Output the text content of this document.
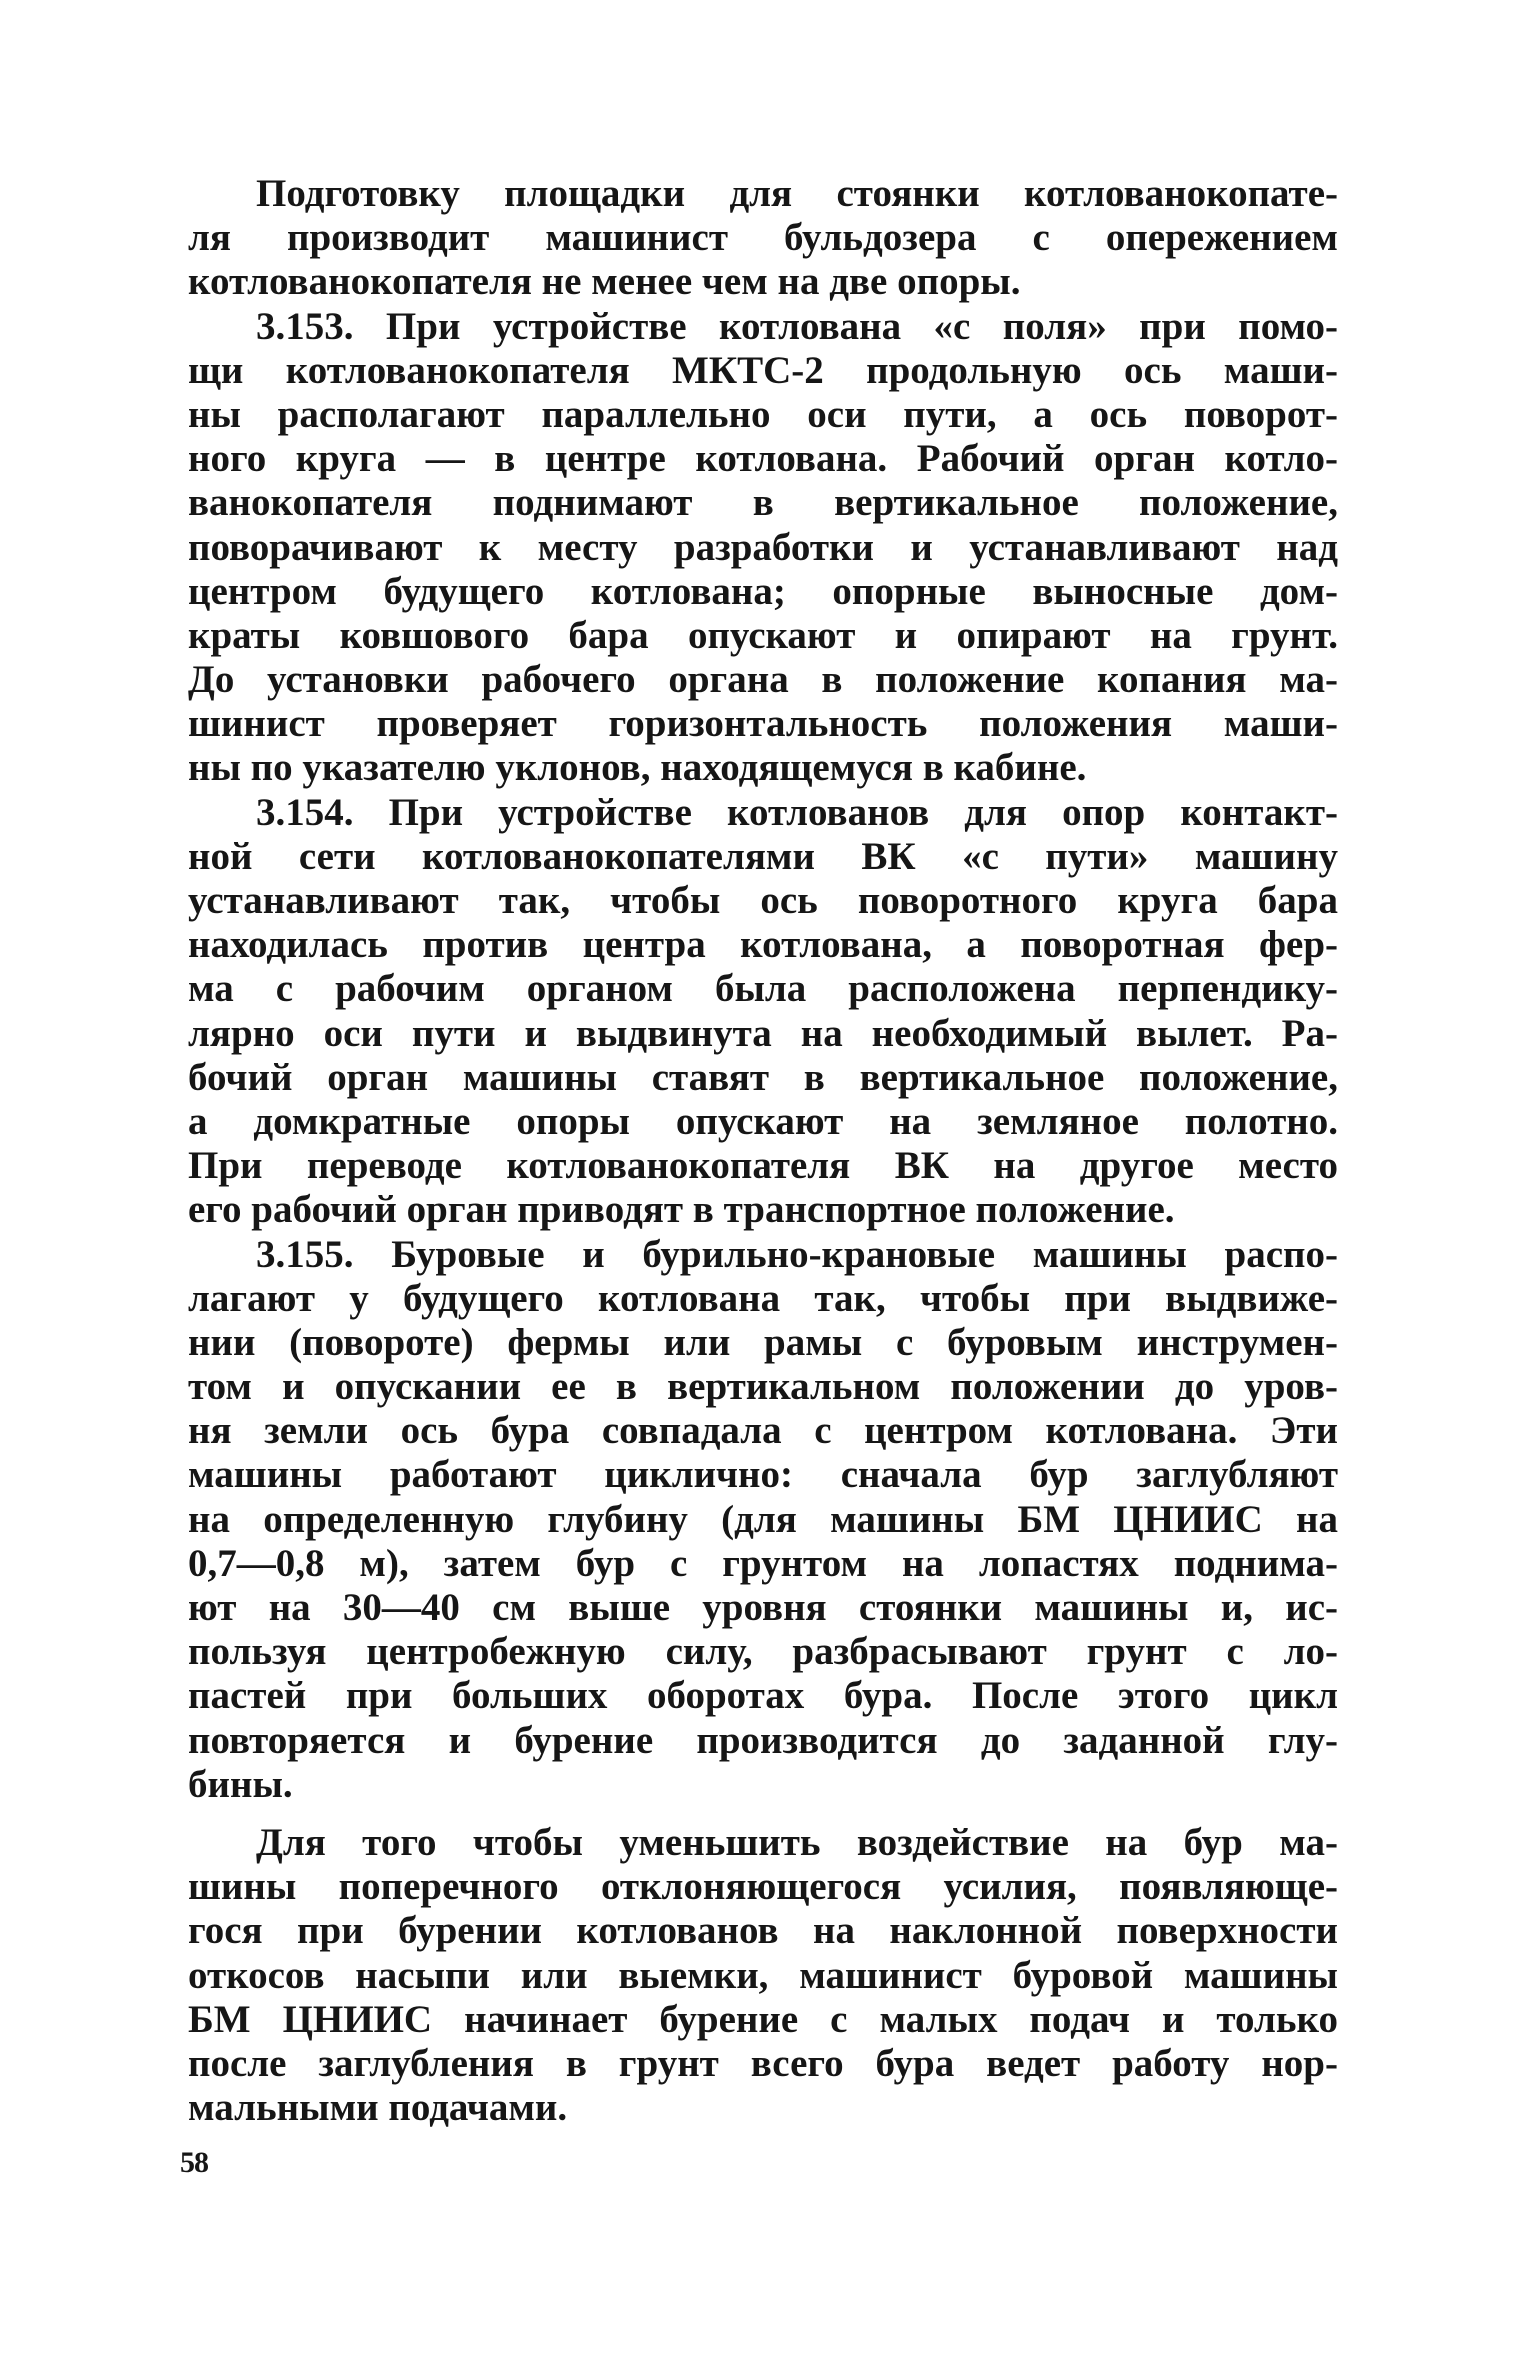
Подготовку площадки для стоянки котлованокопате-
ля производит машинист бульдозера с опережением
котлованокопателя не менее чем на две опоры.
3.153. При устройстве котлована «с поля» при помо-
щи котлованокопателя МКТС-2 продольную ось маши-
ны располагают параллельно оси пути, а ось поворот-
ного круга — в центре котлована. Рабочий орган котло-
ванокопателя поднимают в вертикальное положение,
поворачивают к месту разработки и устанавливают над
центром будущего котлована; опорные выносные дом-
краты ковшового бара опускают и опирают на грунт.
До установки рабочего органа в положение копания ма-
шинист проверяет горизонтальность положения маши-
ны по указателю уклонов, находящемуся в кабине.
3.154. При устройстве котлованов для опор контакт-
ной сети котлованокопателями ВК «с пути» машину
устанавливают так, чтобы ось поворотного круга бара
находилась против центра котлована, а поворотная фер-
ма с рабочим органом была расположена перпендику-
лярно оси пути и выдвинута на необходимый вылет. Ра-
бочий орган машины ставят в вертикальное положение,
а домкратные опоры опускают на земляное полотно.
При переводе котлованокопателя ВК на другое место
его рабочий орган приводят в транспортное положение.
3.155. Буровые и бурильно-крановые машины распо-
лагают у будущего котлована так, чтобы при выдвиже-
нии (повороте) фермы или рамы с буровым инструмен-
том и опускании ее в вертикальном положении до уров-
ня земли ось бура совпадала с центром котлована. Эти
машины работают циклично: сначала бур заглубляют
на определенную глубину (для машины БМ ЦНИИС на
0,7—0,8 м), затем бур с грунтом на лопастях поднима-
ют на 30—40 см выше уровня стоянки машины и, ис-
пользуя центробежную силу, разбрасывают грунт с ло-
пастей при больших оборотах бура. После этого цикл
повторяется и бурение производится до заданной глу-
бины.
Для того чтобы уменьшить воздействие на бур ма-
шины поперечного отклоняющегося усилия, появляюще-
гося при бурении котлованов на наклонной поверхности
откосов насыпи или выемки, машинист буровой машины
БМ ЦНИИС начинает бурение с малых подач и только
после заглубления в грунт всего бура ведет работу нор-
мальными подачами.
58
